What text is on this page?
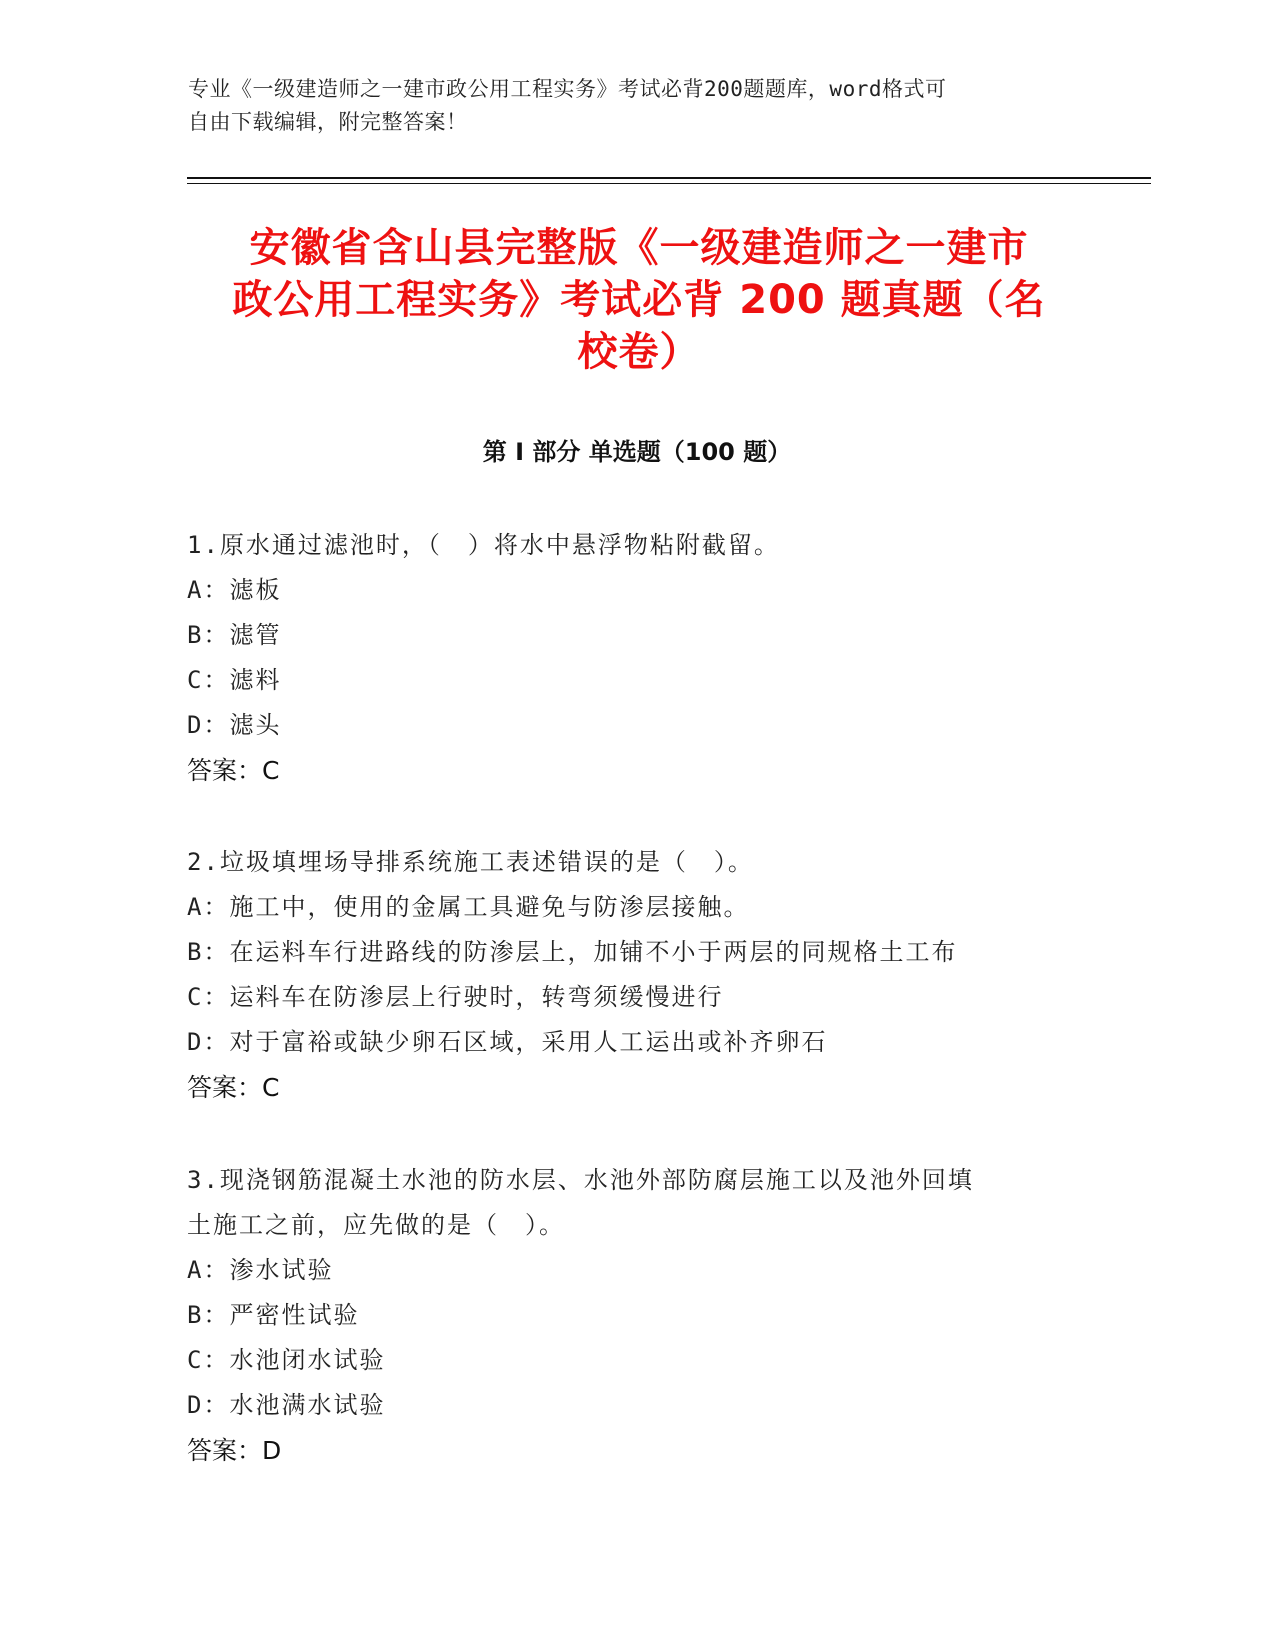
专业《一级建造师之一建市政公用工程实务》考试必背200题题库，word格式可
自由下载编辑，附完整答案！
安徽省含山县完整版《一级建造师之一建市
政公用工程实务》考试必背 200 题真题（名
校卷）
第 I 部分 单选题（100 题）

1.原水通过滤池时，（　）将水中悬浮物粘附截留。

A：滤板

B：滤管

C：滤料

D：滤头

答案：C

2.垃圾填埋场导排系统施工表述错误的是（　）。

A：施工中，使用的金属工具避免与防渗层接触。

B：在运料车行进路线的防渗层上，加铺不小于两层的同规格土工布

C：运料车在防渗层上行驶时，转弯须缓慢进行

D：对于富裕或缺少卵石区域，采用人工运出或补齐卵石

答案：C

3.现浇钢筋混凝土水池的防水层、水池外部防腐层施工以及池外回填

土施工之前，应先做的是（　）。

A：渗水试验

B：严密性试验

C：水池闭水试验

D：水池满水试验

答案：D
